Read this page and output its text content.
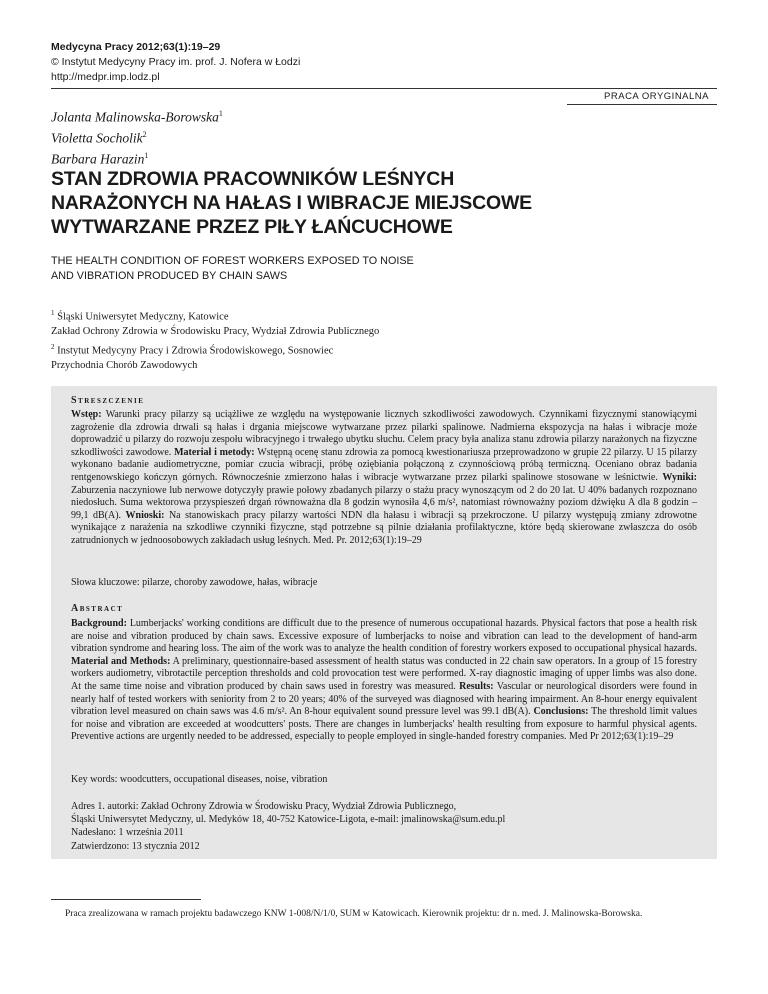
Medycyna Pracy 2012;63(1):19–29
© Instytut Medycyny Pracy im. prof. J. Nofera w Łodzi
http://medpr.imp.lodz.pl
PRACA ORYGINALNA
Jolanta Malinowska-Borowska$^1$
Violetta Socholik$^2$
Barbara Harazin$^1$
STAN ZDROWIA PRACOWNIKÓW LEŚNYCH
NARAŻONYCH NA HAŁAS I WIBRACJE MIEJSCOWE
WYTWARZANE PRZEZ PIŁY ŁAŃCUCHOWE
THE HEALTH CONDITION OF FOREST WORKERS EXPOSED TO NOISE
AND VIBRATION PRODUCED BY CHAIN SAWS
$^1$ Śląski Uniwersytet Medyczny, Katowice
Zakład Ochrony Zdrowia w Środowisku Pracy, Wydział Zdrowia Publicznego
$^2$ Instytut Medycyny Pracy i Zdrowia Środowiskowego, Sosnowiec
Przychodnia Chorób Zawodowych
Streszczenie
Wstęp: Warunki pracy pilarzy są uciążliwe ze względu na występowanie licznych szkodliwości zawodowych. Czynnikami fizycznymi stanowiącymi zagrożenie dla zdrowia drwali są hałas i drgania miejscowe wytwarzane przez pilarki spalinowe. Nadmierna ekspozycja na hałas i wibracje może doprowadzić u pilarzy do rozwoju zespołu wibracyjnego i trwałego ubytku słuchu. Celem pracy była analiza stanu zdrowia pilarzy narażonych na fizyczne szkodliwości zawodowe. Materiał i metody: Wstępną ocenę stanu zdrowia za pomocą kwestionariusza przeprowadzono w grupie 22 pilarzy. U 15 pilarzy wykonano badanie audiometryczne, pomiar czucia wibracji, próbę oziębiania połączoną z czynnościową próbą termiczną. Oceniano obraz badania rentgenowskiego kończyn górnych. Równocześnie zmierzono hałas i wibracje wytwarzane przez pilarki spalinowe stosowane w leśnictwie. Wyniki: Zaburzenia naczyniowe lub nerwowe dotyczyły prawie połowy zbadanych pilarzy o stażu pracy wynoszącym od 2 do 20 lat. U 40% badanych rozpoznano niedosłuch. Suma wektorowa przyspieszeń drgań równoważna dla 8 godzin wynosiła 4,6 m/s², natomiast równoważny poziom dźwięku A dla 8 godzin – 99,1 dB(A). Wnioski: Na stanowiskach pracy pilarzy wartości NDN dla hałasu i wibracji są przekroczone. U pilarzy występują zmiany zdrowotne wynikające z narażenia na szkodliwe czynniki fizyczne, stąd potrzebne są pilnie działania profilaktyczne, które będą skierowane zwłaszcza do osób zatrudnionych w jednoosobowych zakładach usług leśnych. Med. Pr. 2012;63(1):19–29
Słowa kluczowe: pilarze, choroby zawodowe, hałas, wibracje
Abstract
Background: Lumberjacks' working conditions are difficult due to the presence of numerous occupational hazards. Physical factors that pose a health risk are noise and vibration produced by chain saws. Excessive exposure of lumberjacks to noise and vibration can lead to the development of hand-arm vibration syndrome and hearing loss. The aim of the work was to analyze the health condition of forestry workers exposed to occupational physical hazards. Material and Methods: A preliminary, questionnaire-based assessment of health status was conducted in 22 chain saw operators. In a group of 15 forestry workers audiometry, vibrotactile perception thresholds and cold provocation test were performed. X-ray diagnostic imaging of upper limbs was also done. At the same time noise and vibration produced by chain saws used in forestry was measured. Results: Vascular or neurological disorders were found in nearly half of tested workers with seniority from 2 to 20 years; 40% of the surveyed was diagnosed with hearing impairment. An 8-hour energy equivalent vibration level measured on chain saws was 4.6 m/s². An 8-hour equivalent sound pressure level was 99.1 dB(A). Conclusions: The threshold limit values for noise and vibration are exceeded at woodcutters' posts. There are changes in lumberjacks' health resulting from exposure to harmful physical agents. Preventive actions are urgently needed to be addressed, especially to people employed in single-handed forestry companies. Med Pr 2012;63(1):19–29
Key words: woodcutters, occupational diseases, noise, vibration
Adres 1. autorki: Zakład Ochrony Zdrowia w Środowisku Pracy, Wydział Zdrowia Publicznego,
Śląski Uniwersytet Medyczny, ul. Medyków 18, 40-752 Katowice-Ligota, e-mail: jmalinowska@sum.edu.pl
Nadesłano: 1 września 2011
Zatwierdzono: 13 stycznia 2012
Praca zrealizowana w ramach projektu badawczego KNW 1-008/N/1/0, SUM w Katowicach. Kierownik projektu: dr n. med. J. Malinowska-Borowska.
